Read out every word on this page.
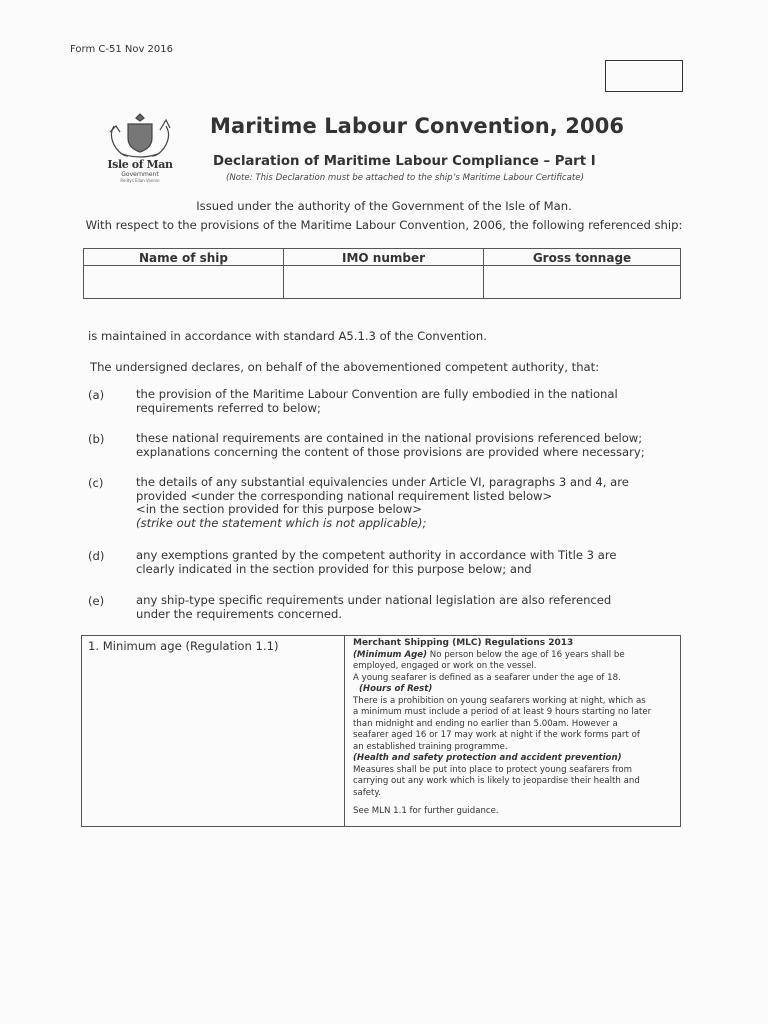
Form C-51 Nov 2016
Isle of Man
Government
Reiltys Ellan Vannin
Maritime Labour Convention, 2006
Declaration of Maritime Labour Compliance – Part I
(Note: This Declaration must be attached to the ship’s Maritime Labour Certificate)
Issued under the authority of the Government of the Isle of Man.
With respect to the provisions of the Maritime Labour Convention, 2006, the following referenced ship:
Name of ship	IMO number	Gross tonnage

is maintained in accordance with standard A5.1.3 of the Convention.
The undersigned declares, on behalf of the abovementioned competent authority, that:
(a)	the provision of the Maritime Labour Convention are fully embodied in the national
requirements referred to below;
(b)	these national requirements are contained in the national provisions referenced below;
explanations concerning the content of those provisions are provided where necessary;
(c)	the details of any substantial equivalencies under Article VI, paragraphs 3 and 4, are
provided <under the corresponding national requirement listed below>
<in the section provided for this purpose below>
(strike out the statement which is not applicable);
(d)	any exemptions granted by the competent authority in accordance with Title 3 are
clearly indicated in the section provided for this purpose below; and
(e)	any ship-type specific requirements under national legislation are also referenced
under the requirements concerned.
1. Minimum age (Regulation 1.1)	Merchant Shipping (MLC) Regulations 2013
(Minimum Age) No person below the age of 16 years shall be
employed, engaged or work on the vessel.
A young seafarer is defined as a seafarer under the age of 18.
(Hours of Rest)
There is a prohibition on young seafarers working at night, which as
a minimum must include a period of at least 9 hours starting no later
than midnight and ending no earlier than 5.00am. However a
seafarer aged 16 or 17 may work at night if the work forms part of
an established training programme.
(Health and safety protection and accident prevention)
Measures shall be put into place to protect young seafarers from
carrying out any work which is likely to jeopardise their health and
safety.
See MLN 1.1 for further guidance.
